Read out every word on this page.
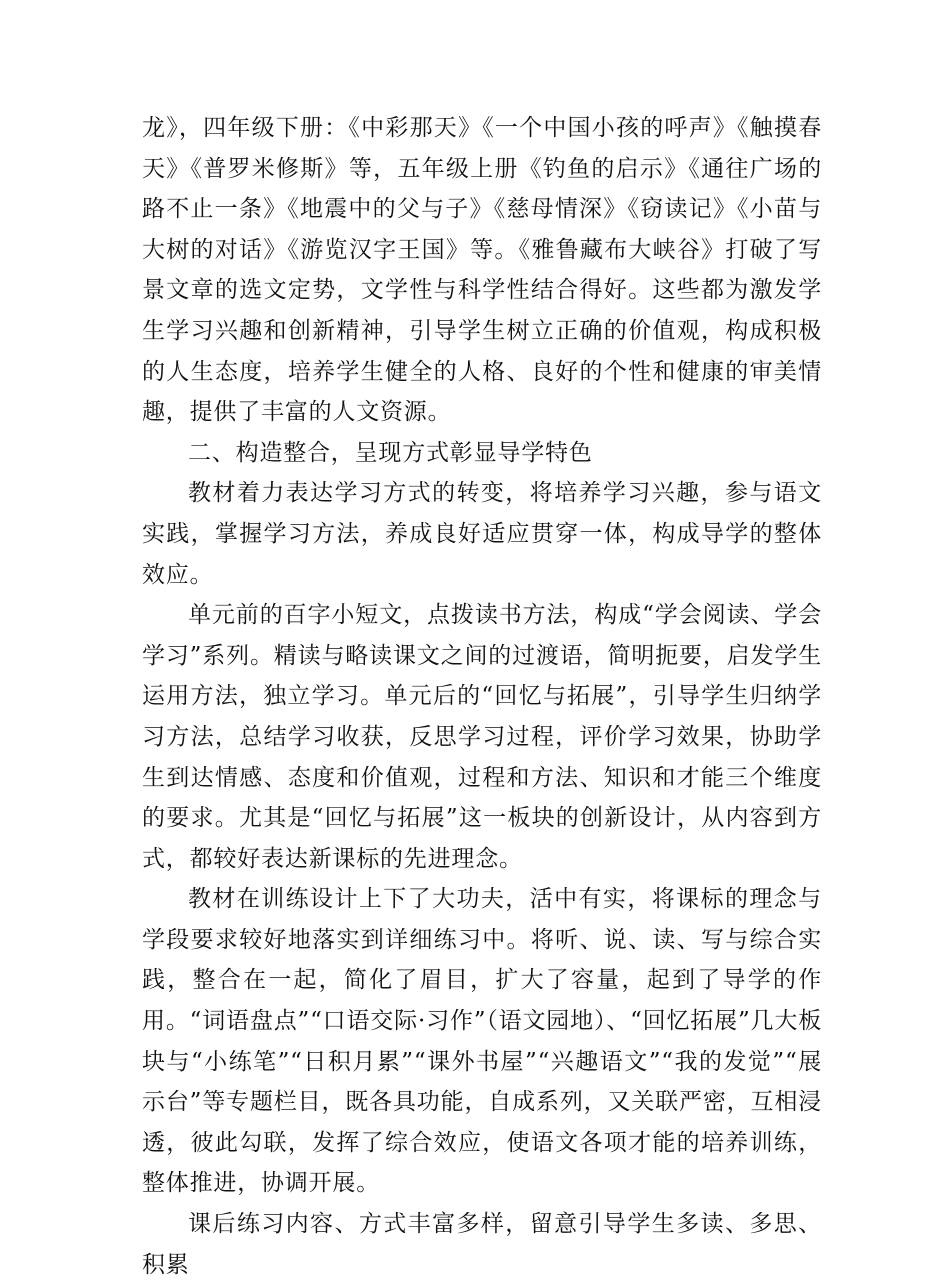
龙》，四年级下册：《中彩那天》《一个中国小孩的呼声》《触摸春天》《普罗米修斯》等，五年级上册《钓鱼的启示》《通往广场的路不止一条》《地震中的父与子》《慈母情深》《窃读记》《小苗与大树的对话》《游览汉字王国》等。《雅鲁藏布大峡谷》打破了写景文章的选文定势，文学性与科学性结合得好。这些都为激发学生学习兴趣和创新精神，引导学生树立正确的价值观，构成积极的人生态度，培养学生健全的人格、良好的个性和健康的审美情趣，提供了丰富的人文资源。

二、构造整合，呈现方式彰显导学特色

教材着力表达学习方式的转变，将培养学习兴趣，参与语文实践，掌握学习方法，养成良好适应贯穿一体，构成导学的整体效应。

单元前的百字小短文，点拨读书方法，构成“学会阅读、学会学习”系列。精读与略读课文之间的过渡语，简明扼要，启发学生运用方法，独立学习。单元后的“回忆与拓展”，引导学生归纳学习方法，总结学习收获，反思学习过程，评价学习效果，协助学生到达情感、态度和价值观，过程和方法、知识和才能三个维度的要求。尤其是“回忆与拓展”这一板块的创新设计，从内容到方式，都较好表达新课标的先进理念。

教材在训练设计上下了大功夫，活中有实，将课标的理念与学段要求较好地落实到详细练习中。将听、说、读、写与综合实践，整合在一起，简化了眉目，扩大了容量，起到了导学的作用。“词语盘点”“口语交际·习作”（语文园地）、“回忆拓展”几大板块与“小练笔”“日积月累”“课外书屋”“兴趣语文”“我的发觉”“展示台”等专题栏目，既各具功能，自成系列，又关联严密，互相浸透，彼此勾联，发挥了综合效应，使语文各项才能的培养训练，整体推进，协调开展。

课后练习内容、方式丰富多样，留意引导学生多读、多思、积累
